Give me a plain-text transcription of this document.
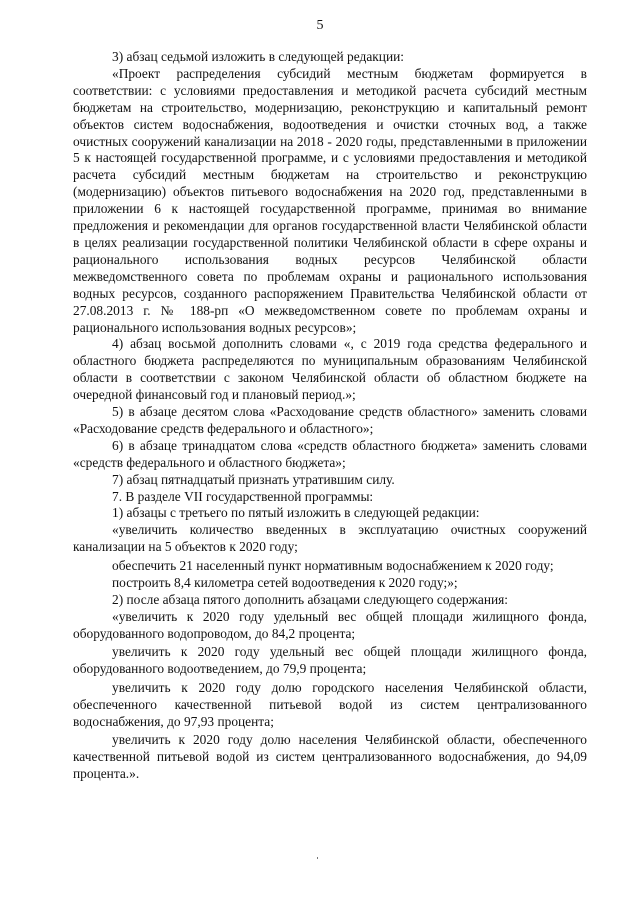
5

3) абзац седьмой изложить в следующей редакции:

«Проект распределения субсидий местным бюджетам формируется в соответствии: с условиями предоставления и методикой расчета субсидий местным бюджетам на строительство, модернизацию, реконструкцию и капитальный ремонт объектов систем водоснабжения, водоотведения и очистки сточных вод, а также очистных сооружений канализации на 2018 - 2020 годы, представленными в приложении 5 к настоящей государственной программе, и с условиями предоставления и методикой расчета субсидий местным бюджетам на строительство и реконструкцию (модернизацию) объектов питьевого водоснабжения на 2020 год, представленными в приложении 6 к настоящей государственной программе, принимая во внимание предложения и рекомендации для органов государственной власти Челябинской области в целях реализации государственной политики Челябинской области в сфере охраны и рационального использования водных ресурсов Челябинской области межведомственного совета по проблемам охраны и рационального использования водных ресурсов, созданного распоряжением Правительства Челябинской области от 27.08.2013 г. № 188-рп «О межведомственном совете по проблемам охраны и рационального использования водных ресурсов»;

4) абзац восьмой дополнить словами «, с 2019 года средства федерального и областного бюджета распределяются по муниципальным образованиям Челябинской области в соответствии с законом Челябинской области об областном бюджете на очередной финансовый год и плановый период.»;

5) в абзаце десятом слова «Расходование средств областного» заменить словами «Расходование средств федерального и областного»;

6) в абзаце тринадцатом слова «средств областного бюджета» заменить словами «средств федерального и областного бюджета»;

7) абзац пятнадцатый признать утратившим силу.

7. В разделе VII государственной программы:

1) абзацы с третьего по пятый изложить в следующей редакции:

«увеличить количество введенных в эксплуатацию очистных сооружений канализации на 5 объектов к 2020 году;

обеспечить 21 населенный пункт нормативным водоснабжением к 2020 году;

построить 8,4 километра сетей водоотведения к 2020 году;»;

2) после абзаца пятого дополнить абзацами следующего содержания:

«увеличить к 2020 году удельный вес общей площади жилищного фонда, оборудованного водопроводом, до 84,2 процента;

увеличить к 2020 году удельный вес общей площади жилищного фонда, оборудованного водоотведением, до 79,9 процента;

увеличить к 2020 году долю городского населения Челябинской области, обеспеченного качественной питьевой водой из систем централизованного водоснабжения, до 97,93 процента;

увеличить к 2020 году долю населения Челябинской области, обеспеченного качественной питьевой водой из систем централизованного водоснабжения, до 94,09 процента.».
